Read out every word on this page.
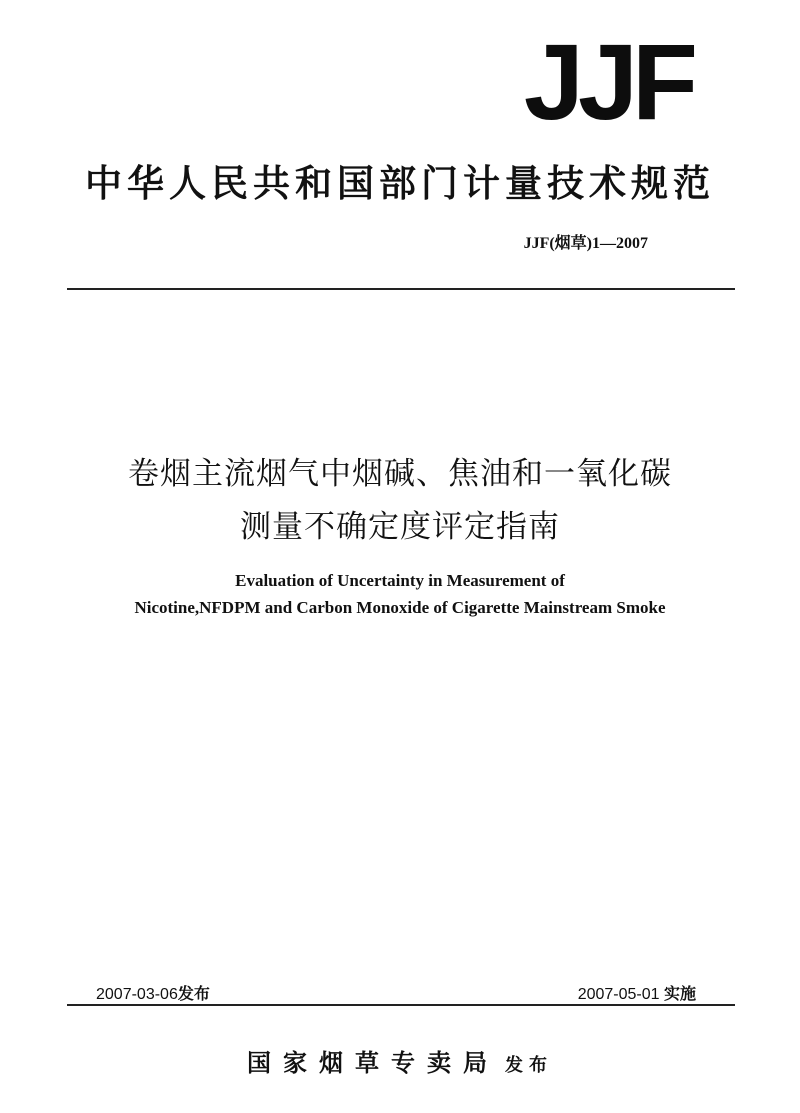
JJF
中华人民共和国部门计量技术规范
JJF(烟草)1—2007
卷烟主流烟气中烟碱、焦油和一氧化碳
测量不确定度评定指南
Evaluation of Uncertainty in Measurement of
Nicotine,NFDPM and Carbon Monoxide of Cigarette Mainstream Smoke
2007-03-06发布	2007-05-01 实施
国家烟草专卖局 发布
